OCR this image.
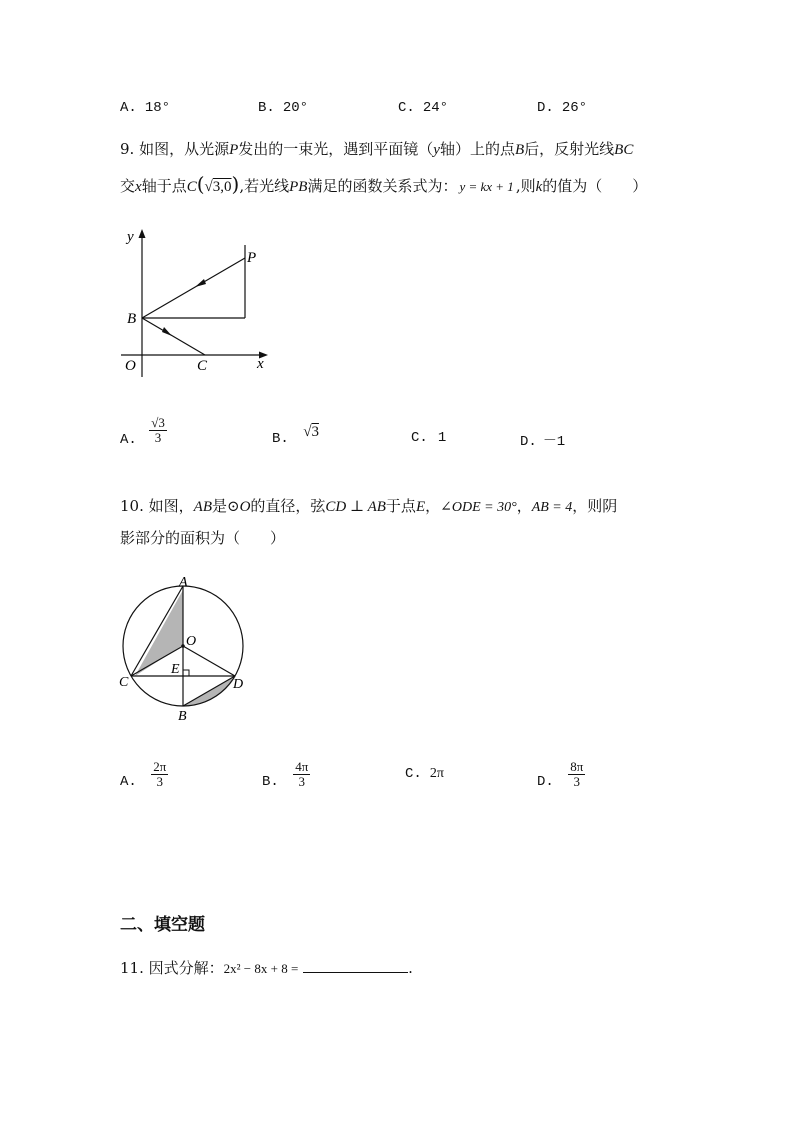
A. 18°	B. 20°	C. 24°	D. 26°
9. 如图，从光源P发出的一束光，遇到平面镜（y轴）上的点B后，反射光线BC
交x轴于点C(√3,0),若光线PB满足的函数关系式为： y = kx + 1 ,则k的值为（　　）
y
x
O
B
C
P
A. $\frac{√3}{3}$	B. √3	C. 1	D. －1
10. 如图，AB是⊙O的直径，弦CD ⊥ AB于点E，∠ODE = 30°，AB = 4，则阴
影部分的面积为（　　）
A
O
E
C	D
B
A. $\frac{2\pi}{3}$	B. $\frac{4\pi}{3}$	C. 2π
D. $\frac{8\pi}{3}$
二、填空题
11. 因式分解：2x² − 8x + 8 =	.
